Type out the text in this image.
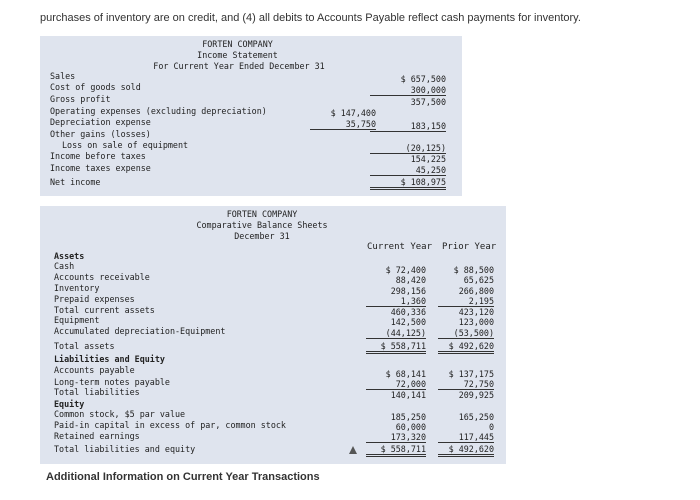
purchases of inventory are on credit, and (4) all debits to Accounts Payable reflect cash payments for inventory.
FORTEN COMPANY
Income Statement
For Current Year Ended December 31
Sales	$ 657,500
Cost of goods sold	300,000
Gross profit	357,500
Operating expenses (excluding depreciation)	$ 147,400
Depreciation expense	35,750	183,150
Other gains (losses)
Loss on sale of equipment	(20,125)
Income before taxes	154,225
Income taxes expense	45,250
Net income	$ 108,975
FORTEN COMPANY
Comparative Balance Sheets
December 31
Current Year Prior Year
Assets
Cash	$ 72,400	$ 88,500
Accounts receivable	88,420	65,625
Inventory	298,156	266,800
Prepaid expenses	1,360	2,195
Total current assets	460,336	423,120
Equipment	142,500	123,000
Accumulated depreciation-Equipment	(44,125)	(53,500)
Total assets	$ 558,711	$ 492,620
Liabilities and Equity
Accounts payable	$ 68,141	$ 137,175
Long-term notes payable	72,000	72,750
Total liabilities	140,141	209,925
Equity
Common stock, $5 par value	185,250	165,250
Paid-in capital in excess of par, common stock	60,000	0
Retained earnings	173,320	117,445
Total liabilities and equity	$ 558,711	$ 492,620
Additional Information on Current Year Transactions
